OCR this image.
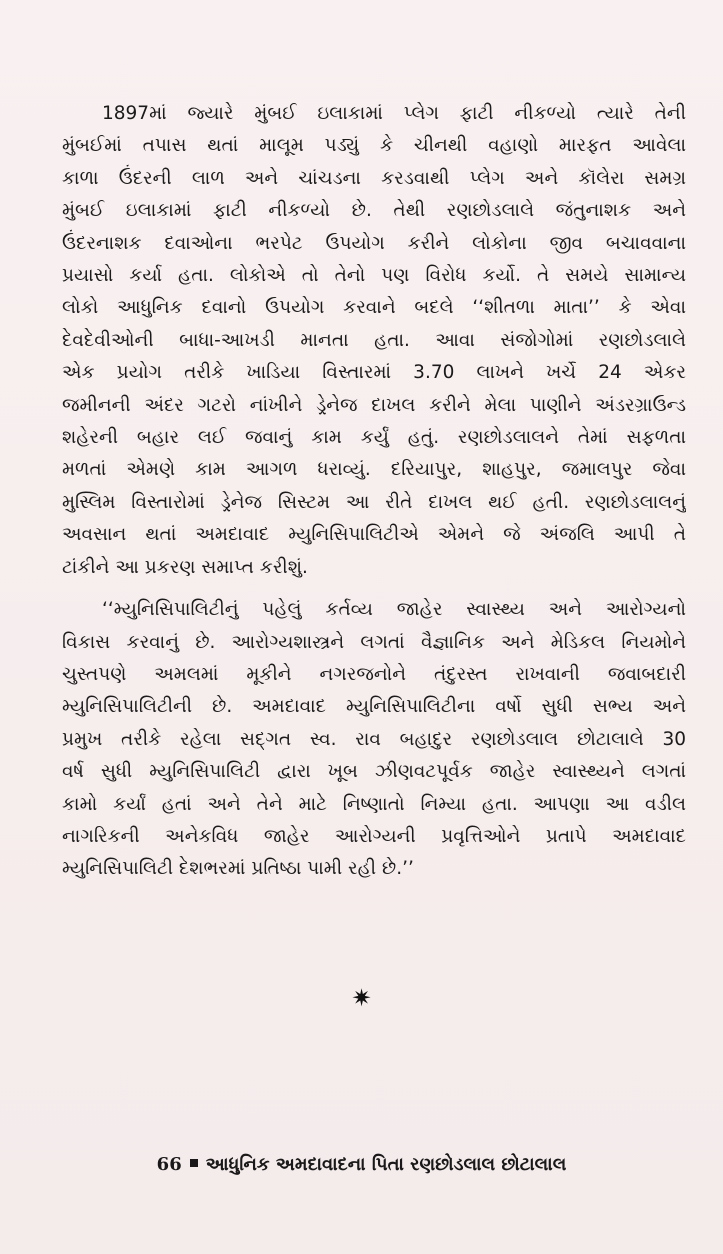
1897માં જ્યારે મુંબઈ ઇલાકામાં પ્લેગ ફાટી નીકળ્યો ત્યારે તેની
મુંબઈમાં તપાસ થતાં માલૂમ પડ્યું કે ચીનથી વહાણો મારફત આવેલા
કાળા ઉંદરની લાળ અને ચાંચડના કરડવાથી પ્લેગ અને કૉલેરા સમગ્ર
મુંબઈ ઇલાકામાં ફાટી નીકળ્યો છે. તેથી રણછોડલાલે જંતુનાશક અને
ઉંદરનાશક દવાઓના ભરપેટ ઉપયોગ કરીને લોકોના જીવ બચાવવાના
પ્રયાસો કર્યા હતા. લોકોએ તો તેનો પણ વિરોધ કર્યો. તે સમયે સામાન્ય
લોકો આધુનિક દવાનો ઉપયોગ કરવાને બદલે ‘‘શીતળા માતા’’ કે એવા
દેવદેવીઓની બાધા-આખડી માનતા હતા. આવા સંજોગોમાં રણછોડલાલે
એક પ્રયોગ તરીકે ખાડિયા વિસ્તારમાં 3.70 લાખને ખર્ચે 24 એકર
જમીનની અંદર ગટરો નાંખીને ડ્રેનેજ દાખલ કરીને મેલા પાણીને અંડરગ્રાઉન્ડ
શહેરની બહાર લઈ જવાનું કામ કર્યું હતું. રણછોડલાલને તેમાં સફળતા
મળતાં એમણે કામ આગળ ધરાવ્યું. દરિયાપુર, શાહપુર, જમાલપુર જેવા
મુસ્લિમ વિસ્તારોમાં ડ્રેનેજ સિસ્ટમ આ રીતે દાખલ થઈ હતી. રણછોડલાલનું
અવસાન થતાં અમદાવાદ મ્યુનિસિપાલિટીએ એમને જે અંજલિ આપી તે
ટાંકીને આ પ્રકરણ સમાપ્ત કરીશું.

‘‘મ્યુનિસિપાલિટીનું પહેલું કર્તવ્ય જાહેર સ્વાસ્થ્ય અને આરોગ્યનો
વિકાસ કરવાનું છે. આરોગ્યશાસ્ત્રને લગતાં વૈજ્ઞાનિક અને મેડિકલ નિયમોને
ચુસ્તપણે અમલમાં મૂકીને નગરજનોને તંદુરસ્ત રાખવાની જવાબદારી
મ્યુનિસિપાલિટીની છે. અમદાવાદ મ્યુનિસિપાલિટીના વર્ષો સુધી સભ્ય અને
પ્રમુખ તરીકે રહેલા સદ્ગત સ્વ. રાવ બહાદુર રણછોડલાલ છોટાલાલે 30
વર્ષ સુધી મ્યુનિસિપાલિટી દ્વારા ખૂબ ઝીણવટપૂર્વક જાહેર સ્વાસ્થ્યને લગતાં
કામો કર્યાં હતાં અને તેને માટે નિષ્ણાતો નિમ્યા હતા. આપણા આ વડીલ
નાગરિકની અનેકવિધ જાહેર આરોગ્યની પ્રવૃત્તિઓને પ્રતાપે અમદાવાદ
મ્યુનિસિપાલિટી દેશભરમાં પ્રતિષ્ઠા પામી રહી છે.’’

✷
66 આધુનિક અમદાવાદના પિતા રણછોડલાલ છોટાલાલ
